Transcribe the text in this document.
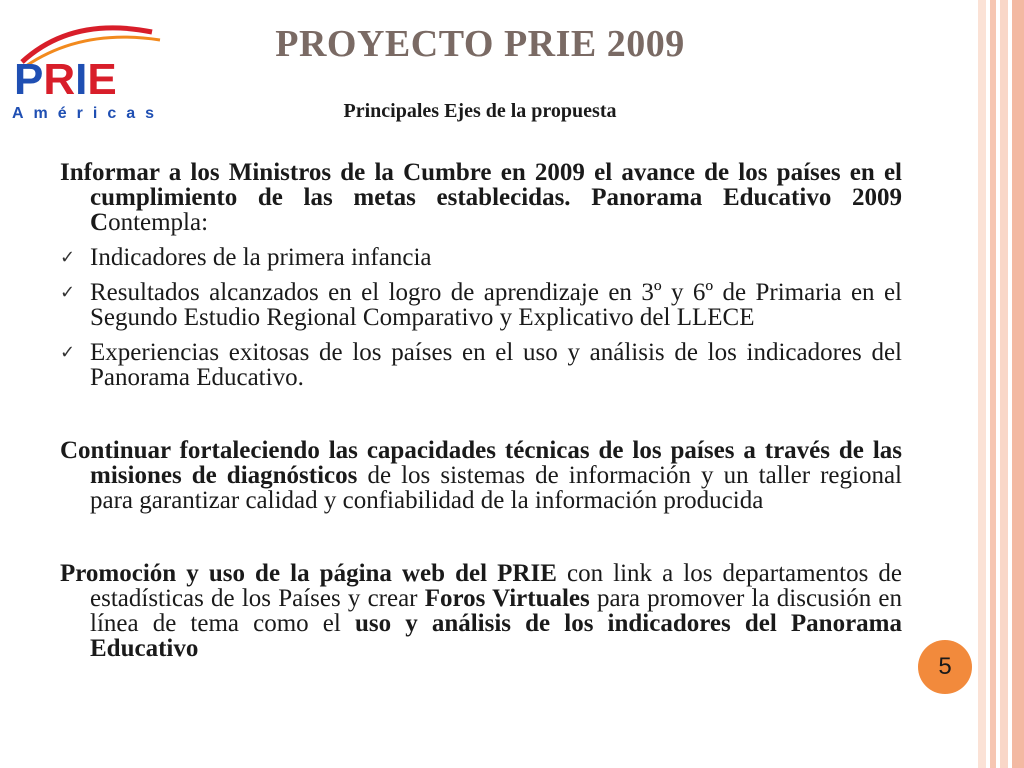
PRIE
Américas
PROYECTO PRIE 2009
Principales Ejes de la propuesta

Informar a los Ministros de la Cumbre en 2009 el avance de los países en el cumplimiento de las metas establecidas. Panorama Educativo 2009 Contempla:

✓ Indicadores de la primera infancia
✓ Resultados alcanzados en el logro de aprendizaje en 3º y 6º de Primaria en el Segundo Estudio Regional Comparativo y Explicativo del LLECE
✓ Experiencias exitosas de los países en el uso y análisis de los indicadores del Panorama Educativo.

Continuar fortaleciendo las capacidades técnicas de los países a través de las misiones de diagnósticos de los sistemas de información y un taller regional para garantizar calidad y confiabilidad de la información producida

Promoción y uso de la página web del PRIE con link a los departamentos de estadísticas de los Países y crear Foros Virtuales para promover la discusión en línea de tema como el uso y análisis de los indicadores del Panorama Educativo

5
